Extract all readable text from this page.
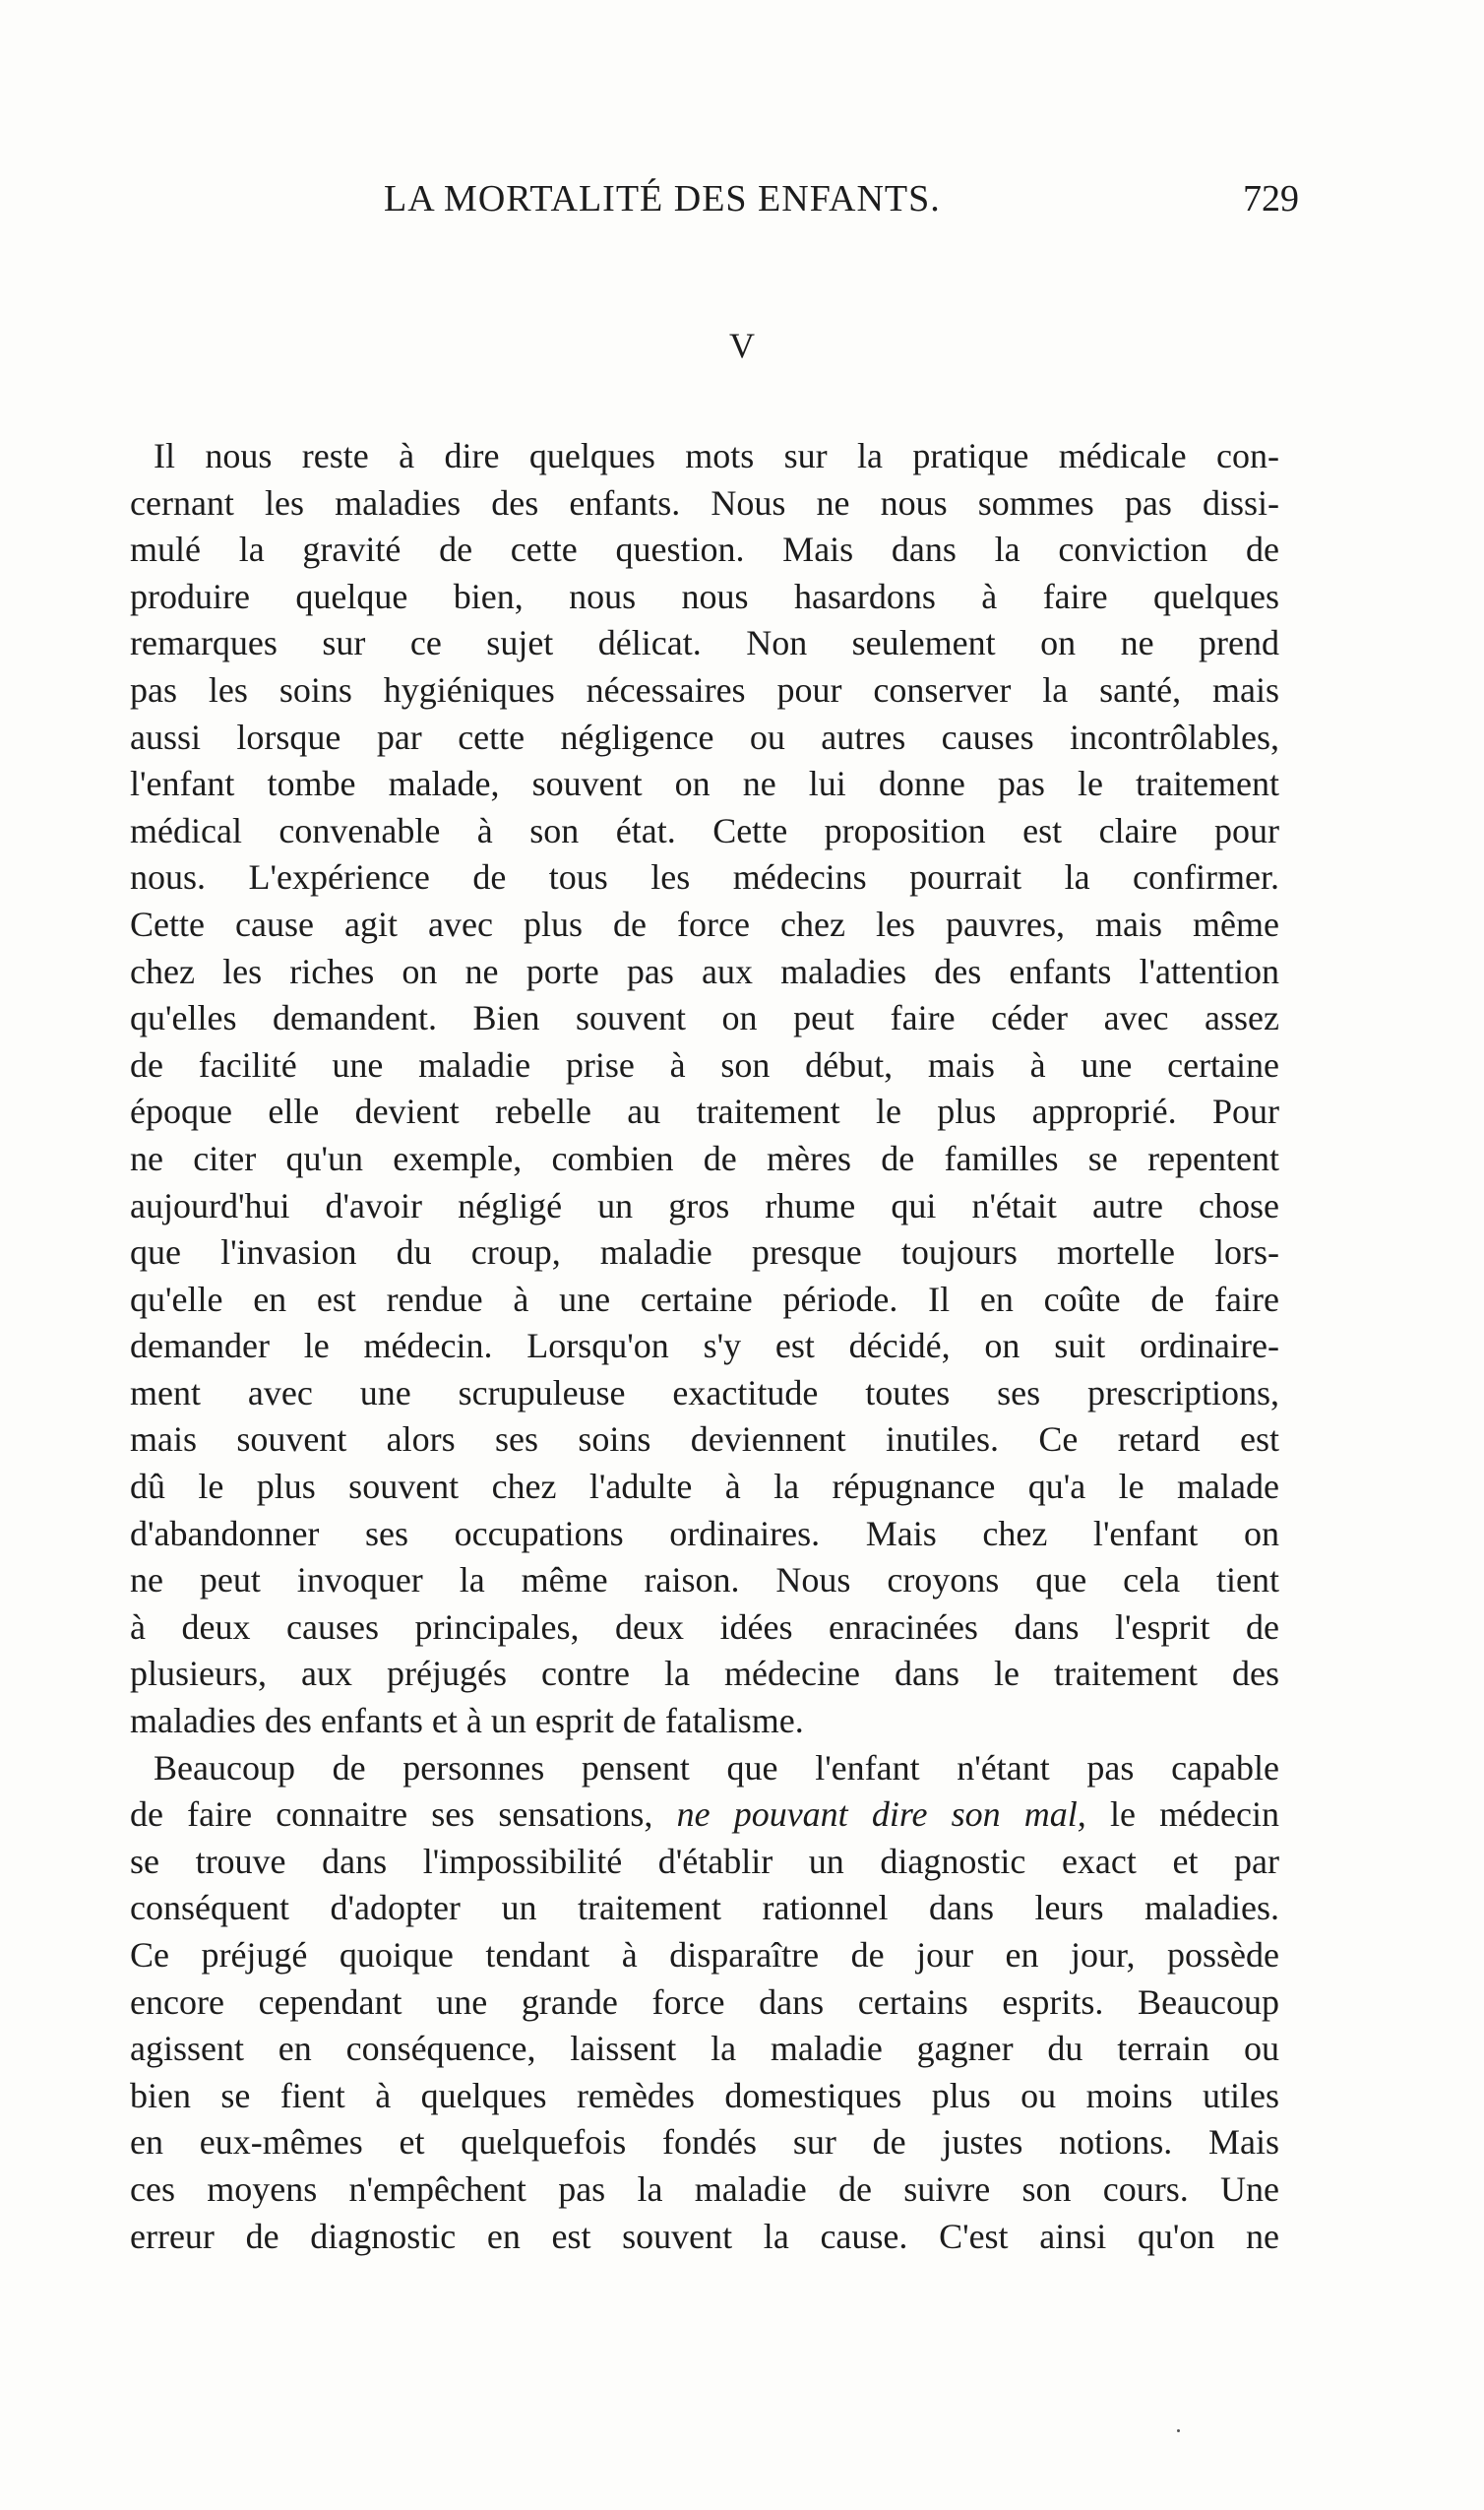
LA MORTALITÉ DES ENFANTS.	729
V
Il nous reste à dire quelques mots sur la pratique médicale con-
cernant les maladies des enfants. Nous ne nous sommes pas dissi-
mulé la gravité de cette question. Mais dans la conviction de
produire quelque bien, nous nous hasardons à faire quelques
remarques sur ce sujet délicat. Non seulement on ne prend
pas les soins hygiéniques nécessaires pour conserver la santé, mais
aussi lorsque par cette négligence ou autres causes incontrôlables,
l'enfant tombe malade, souvent on ne lui donne pas le traitement
médical convenable à son état. Cette proposition est claire pour
nous. L'expérience de tous les médecins pourrait la confirmer.
Cette cause agit avec plus de force chez les pauvres, mais même
chez les riches on ne porte pas aux maladies des enfants l'attention
qu'elles demandent. Bien souvent on peut faire céder avec assez
de facilité une maladie prise à son début, mais à une certaine
époque elle devient rebelle au traitement le plus approprié. Pour
ne citer qu'un exemple, combien de mères de familles se repentent
aujourd'hui d'avoir négligé un gros rhume qui n'était autre chose
que l'invasion du croup, maladie presque toujours mortelle lors-
qu'elle en est rendue à une certaine période. Il en coûte de faire
demander le médecin. Lorsqu'on s'y est décidé, on suit ordinaire-
ment avec une scrupuleuse exactitude toutes ses prescriptions,
mais souvent alors ses soins deviennent inutiles. Ce retard est
dû le plus souvent chez l'adulte à la répugnance qu'a le malade
d'abandonner ses occupations ordinaires. Mais chez l'enfant on
ne peut invoquer la même raison. Nous croyons que cela tient
à deux causes principales, deux idées enracinées dans l'esprit de
plusieurs, aux préjugés contre la médecine dans le traitement des
maladies des enfants et à un esprit de fatalisme.
Beaucoup de personnes pensent que l'enfant n'étant pas capable
de faire connaitre ses sensations, ne pouvant dire son mal, le médecin
se trouve dans l'impossibilité d'établir un diagnostic exact et par
conséquent d'adopter un traitement rationnel dans leurs maladies.
Ce préjugé quoique tendant à disparaître de jour en jour, possède
encore cependant une grande force dans certains esprits. Beaucoup
agissent en conséquence, laissent la maladie gagner du terrain ou
bien se fient à quelques remèdes domestiques plus ou moins utiles
en eux-mêmes et quelquefois fondés sur de justes notions. Mais
ces moyens n'empêchent pas la maladie de suivre son cours. Une
erreur de diagnostic en est souvent la cause. C'est ainsi qu'on ne
